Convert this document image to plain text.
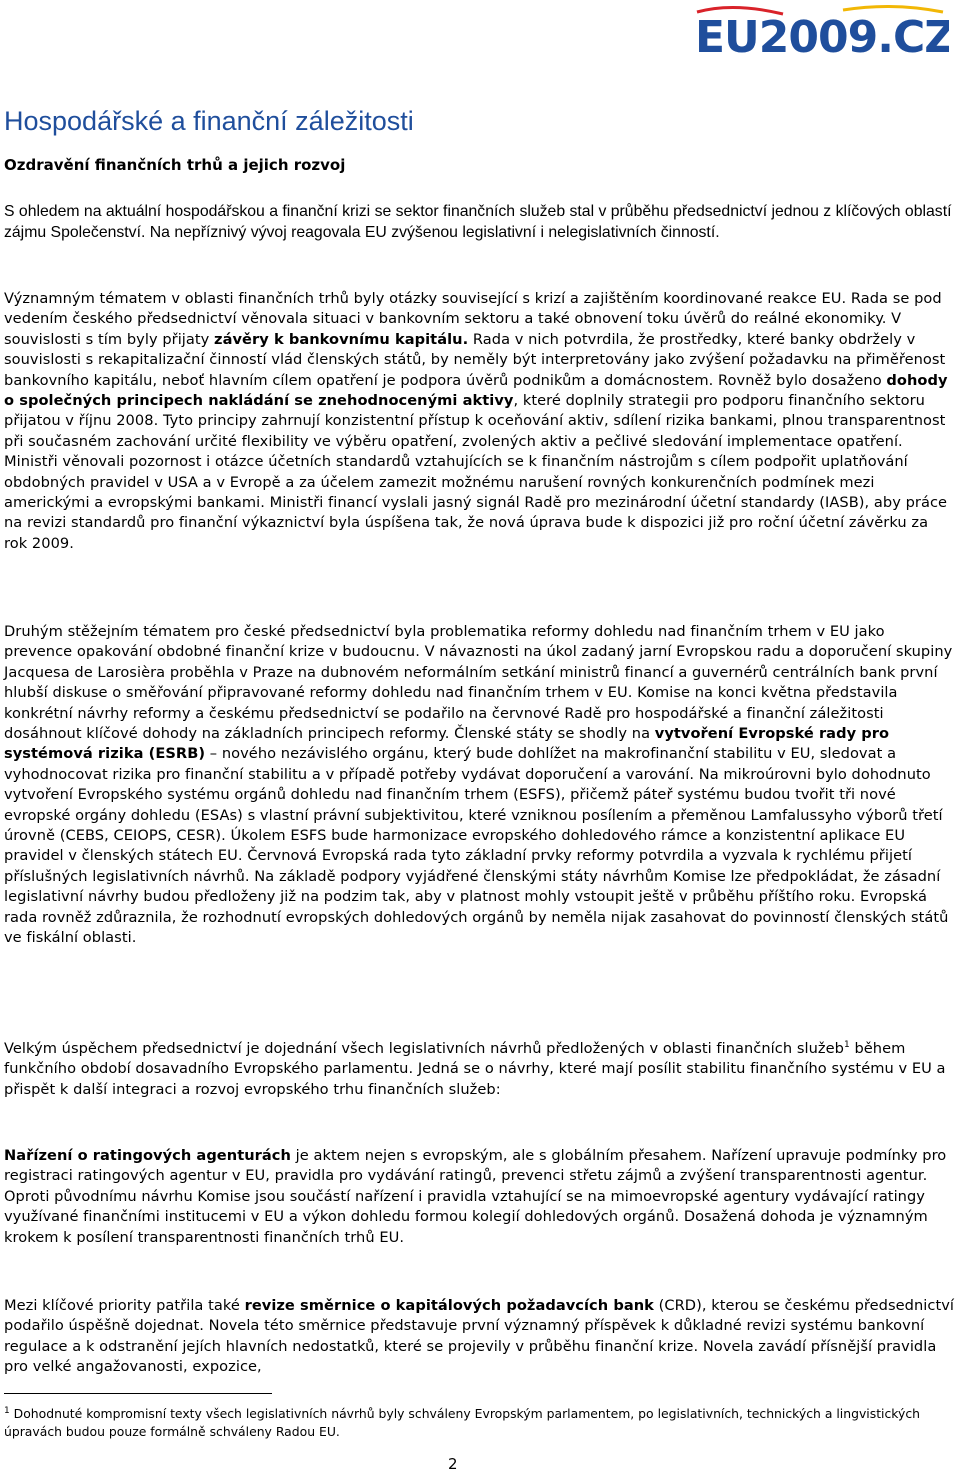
EU2009.CZ
Hospodářské a finanční záležitosti
Ozdravění finančních trhů a jejich rozvoj

S ohledem na aktuální hospodářskou a finanční krizi se sektor finančních služeb stal v průběhu předsednictví jednou z klíčových oblastí zájmu Společenství. Na nepříznivý vývoj reagovala EU zvýšenou legislativní i nelegislativních činností.

Významným tématem v oblasti finančních trhů byly otázky související s krizí a zajištěním koordinované reakce EU. Rada se pod vedením českého předsednictví věnovala situaci v bankovním sektoru a také obnovení toku úvěrů do reálné ekonomiky. V souvislosti s tím byly přijaty závěry k bankovnímu kapitálu. Rada v nich potvrdila, že prostředky, které banky obdržely v souvislosti s rekapitalizační činností vlád členských států, by neměly být interpretovány jako zvýšení požadavku na přiměřenost bankovního kapitálu, neboť hlavním cílem opatření je podpora úvěrů podnikům a domácnostem. Rovněž bylo dosaženo dohody o společných principech nakládání se znehodnocenými aktivy, které doplnily strategii pro podporu finančního sektoru přijatou v říjnu 2008. Tyto principy zahrnují konzistentní přístup k oceňování aktiv, sdílení rizika bankami, plnou transparentnost při současném zachování určité flexibility ve výběru opatření, zvolených aktiv a pečlivé sledování implementace opatření. Ministři věnovali pozornost i otázce účetních standardů vztahujících se k finančním nástrojům s cílem podpořit uplatňování obdobných pravidel v USA a v Evropě a za účelem zamezit možnému narušení rovných konkurenčních podmínek mezi americkými a evropskými bankami. Ministři financí vyslali jasný signál Radě pro mezinárodní účetní standardy (IASB), aby práce na revizi standardů pro finanční výkaznictví byla úspíšena tak, že nová úprava bude k dispozici již pro roční účetní závěrku za rok 2009.

Druhým stěžejním tématem pro české předsednictví byla problematika reformy dohledu nad finančním trhem v EU jako prevence opakování obdobné finanční krize v budoucnu. V návaznosti na úkol zadaný jarní Evropskou radu a doporučení skupiny Jacquesa de Larosièra proběhla v Praze na dubnovém neformálním setkání ministrů financí a guvernérů centrálních bank první hlubší diskuse o směřování připravované reformy dohledu nad finančním trhem v EU. Komise na konci května představila konkrétní návrhy reformy a českému předsednictví se podařilo na červnové Radě pro hospodářské a finanční záležitosti dosáhnout klíčové dohody na základních principech reformy. Členské státy se shodly na vytvoření Evropské rady pro systémová rizika (ESRB) – nového nezávislého orgánu, který bude dohlížet na makrofinanční stabilitu v EU, sledovat a vyhodnocovat rizika pro finanční stabilitu a v případě potřeby vydávat doporučení a varování. Na mikroúrovni bylo dohodnuto vytvoření Evropského systému orgánů dohledu nad finančním trhem (ESFS), přičemž páteř systému budou tvořit tři nové evropské orgány dohledu (ESAs) s vlastní právní subjektivitou, které vzniknou posílením a přeměnou Lamfalussyho výborů třetí úrovně (CEBS, CEIOPS, CESR). Úkolem ESFS bude harmonizace evropského dohledového rámce a konzistentní aplikace EU pravidel v členských státech EU. Červnová Evropská rada tyto základní prvky reformy potvrdila a vyzvala k rychlému přijetí příslušných legislativních návrhů. Na základě podpory vyjádřené členskými státy návrhům Komise lze předpokládat, že zásadní legislativní návrhy budou předloženy již na podzim tak, aby v platnost mohly vstoupit ještě v průběhu příštího roku. Evropská rada rovněž zdůraznila, že rozhodnutí evropských dohledových orgánů by neměla nijak zasahovat do povinností členských států ve fiskální oblasti.

Velkým úspěchem předsednictví je dojednání všech legislativních návrhů předložených v oblasti finančních služeb$^1$ během funkčního období dosavadního Evropského parlamentu. Jedná se o návrhy, které mají posílit stabilitu finančního systému v EU a přispět k další integraci a rozvoj evropského trhu finančních služeb:

Nařízení o ratingových agenturách je aktem nejen s evropským, ale s globálním přesahem. Nařízení upravuje podmínky pro registraci ratingových agentur v EU, pravidla pro vydávání ratingů, prevenci střetu zájmů a zvýšení transparentnosti agentur. Oproti původnímu návrhu Komise jsou součástí nařízení i pravidla vztahující se na mimoevropské agentury vydávající ratingy využívané finančními institucemi v EU a výkon dohledu formou kolegií dohledových orgánů. Dosažená dohoda je významným krokem k posílení transparentnosti finančních trhů EU.

Mezi klíčové priority patřila také revize směrnice o kapitálových požadavcích bank (CRD), kterou se českému předsednictví podařilo úspěšně dojednat. Novela této směrnice představuje první významný příspěvek k důkladné revizi systému bankovní regulace a k odstranění jejích hlavních nedostatků, které se projevily v průběhu finanční krize. Novela zavádí přísnější pravidla pro velké angažovanosti, expozice,

$^1$ Dohodnuté kompromisní texty všech legislativních návrhů byly schváleny Evropským parlamentem, po legislativních, technických a lingvistických úpravách budou pouze formálně schváleny Radou EU.

2
